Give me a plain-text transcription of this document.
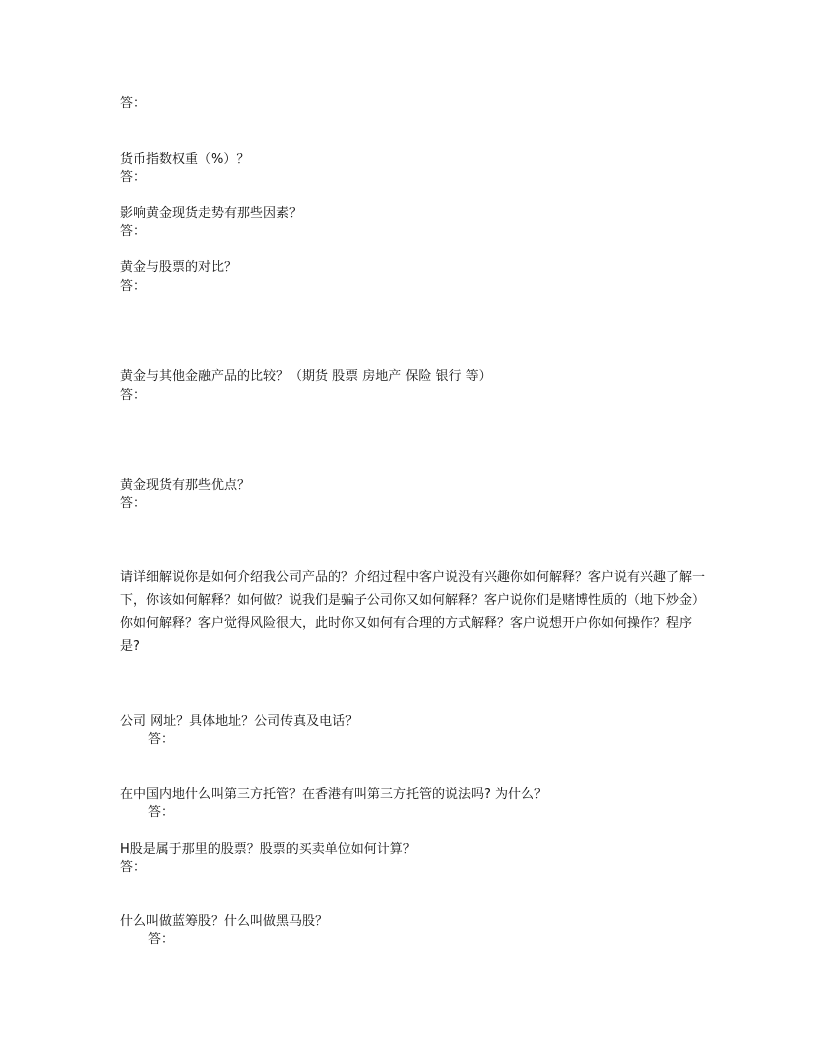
答：
货币指数权重（%）？
答：
影响黄金现货走势有那些因素？
答：
黄金与股票的对比？
答：
黄金与其他金融产品的比较？（期货 股票 房地产 保险 银行 等）
答：
黄金现货有那些优点？
答：
请详细解说你是如何介绍我公司产品的？介绍过程中客户说没有兴趣你如何解释？客户说有兴趣了解一下，你该如何解释？如何做？说我们是骗子公司你又如何解释？客户说你们是赌博性质的（地下炒金）你如何解释？客户觉得风险很大，此时你又如何有合理的方式解释？客户说想开户你如何操作？程序是?
公司 网址？具体地址？公司传真及电话？
答：
在中国内地什么叫第三方托管？在香港有叫第三方托管的说法吗? 为什么？
答：
H股是属于那里的股票？股票的买卖单位如何计算？
答：
什么叫做蓝筹股？什么叫做黑马股？
答：
